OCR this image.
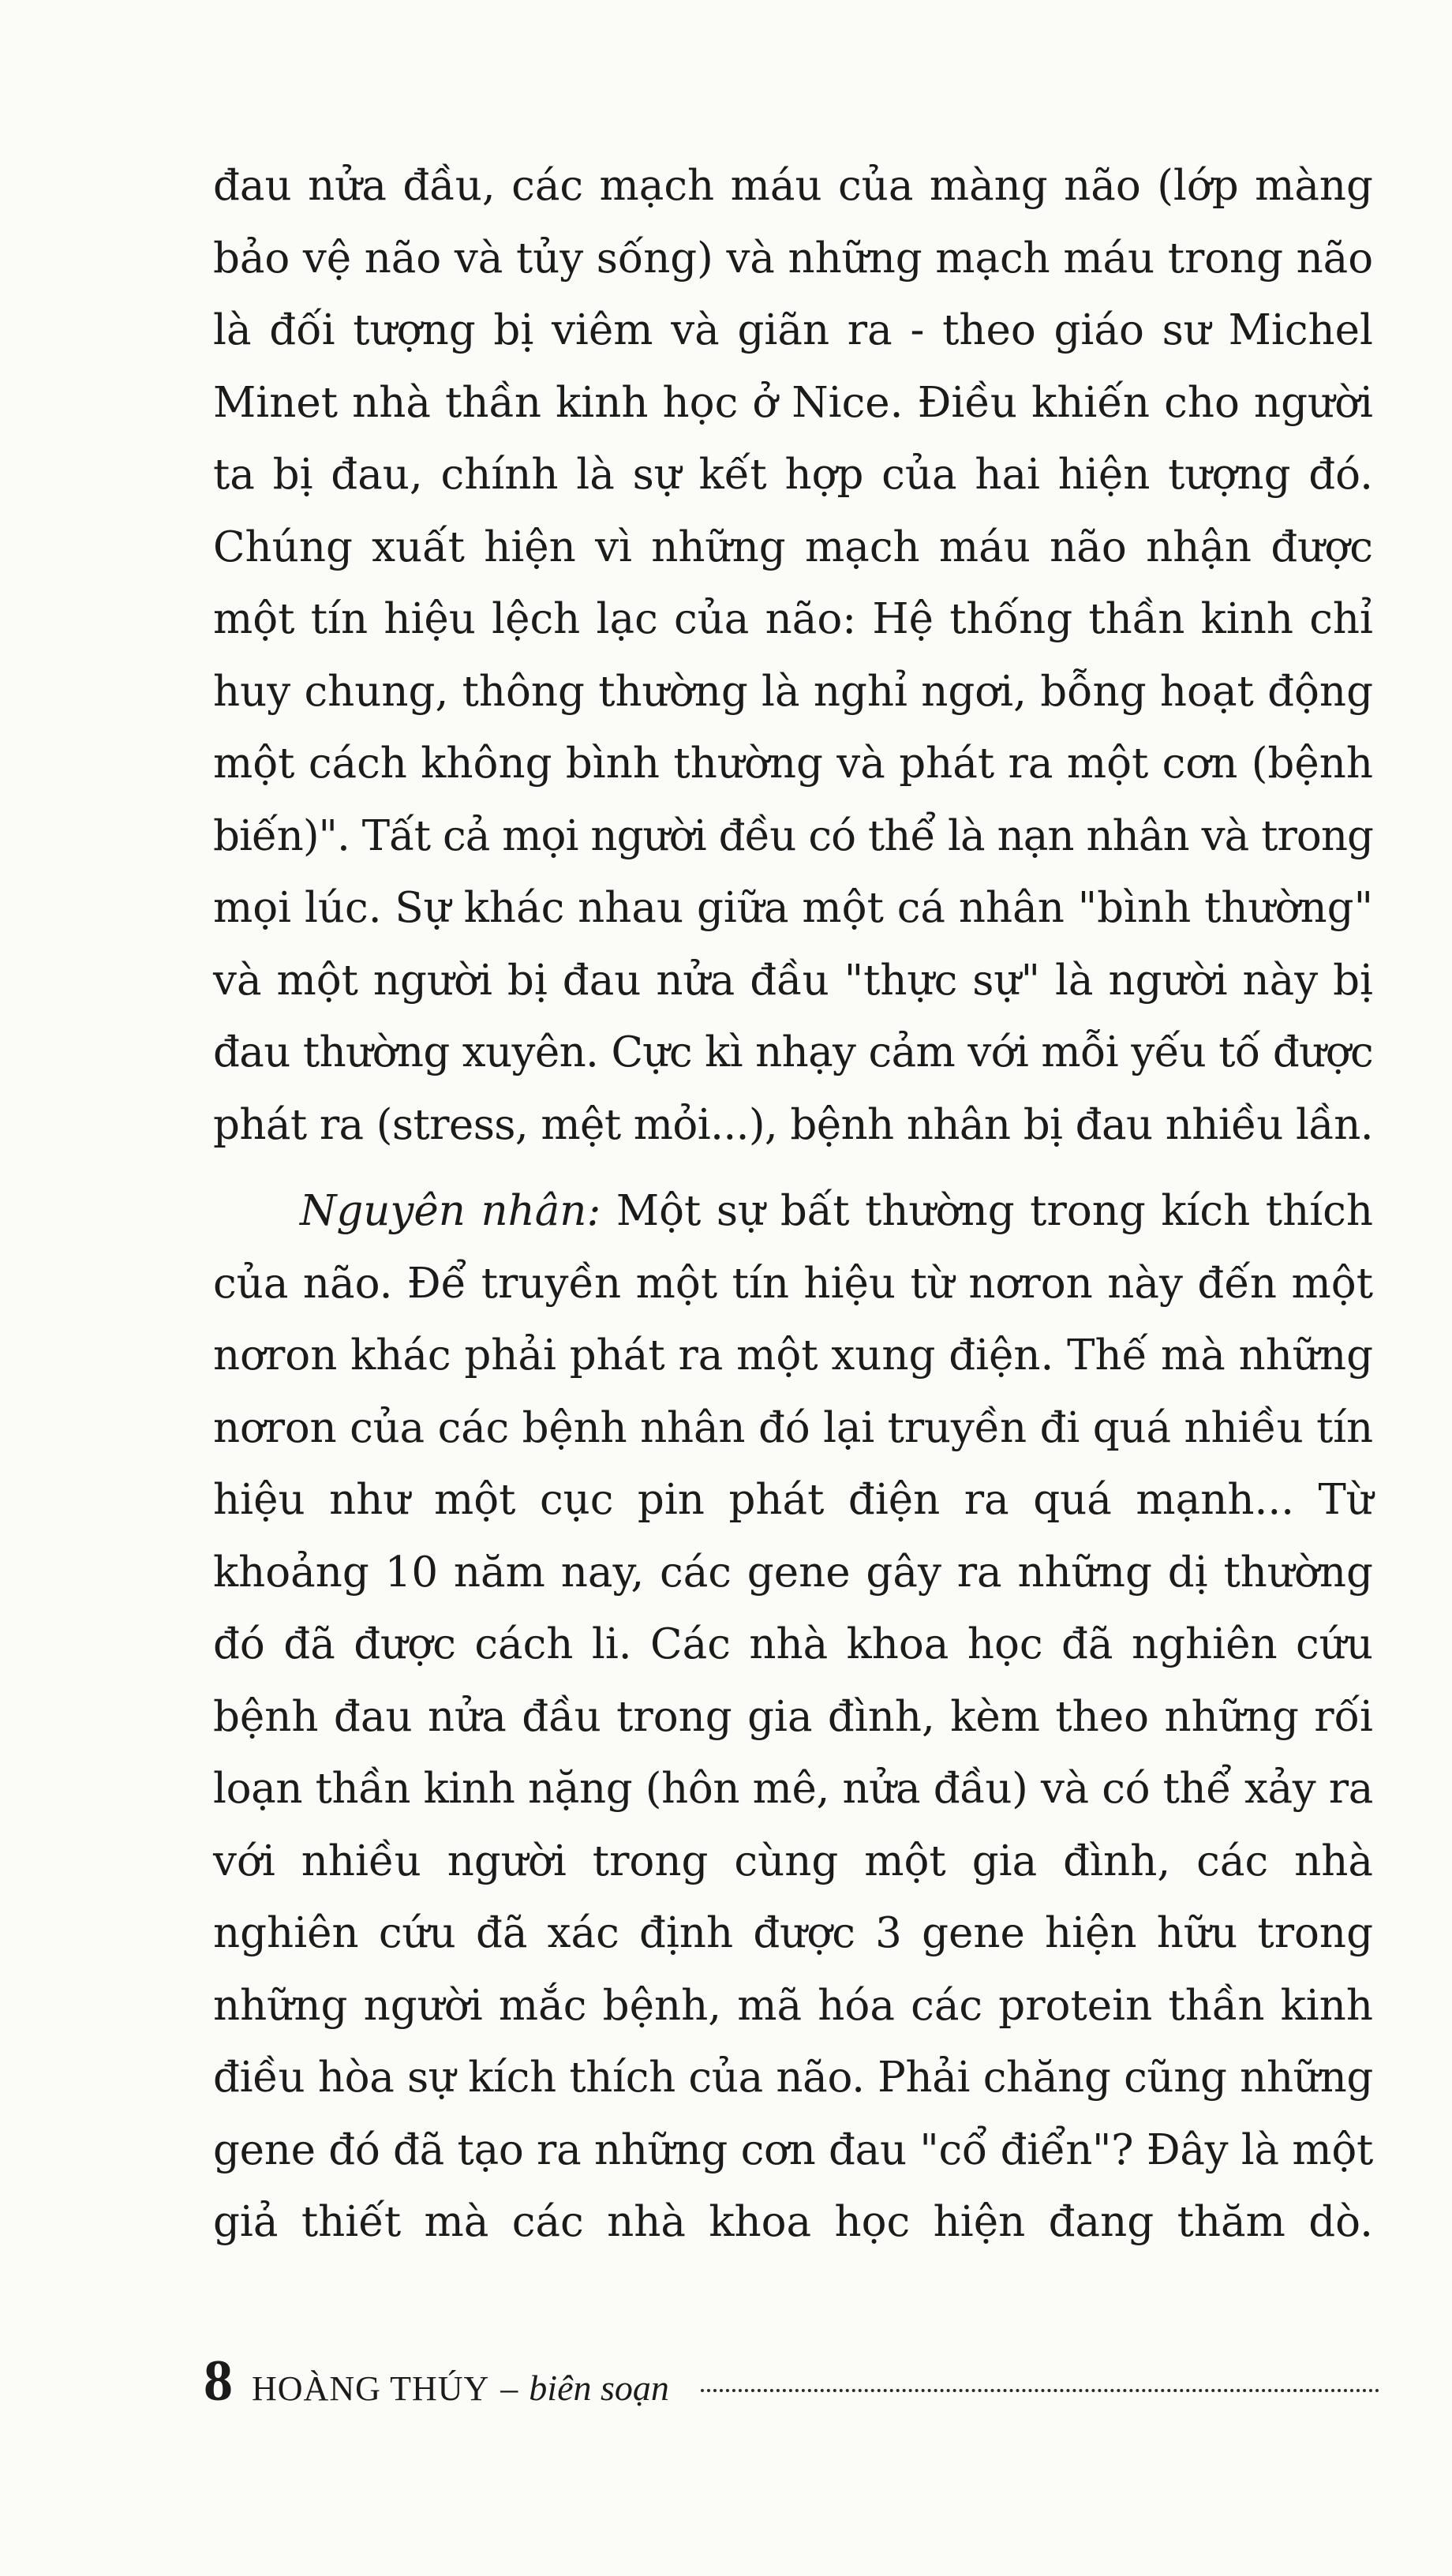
đau nửa đầu, các mạch máu của màng não (lớp màng
bảo vệ não và tủy sống) và những mạch máu trong não
là đối tượng bị viêm và giãn ra - theo giáo sư Michel
Minet nhà thần kinh học ở Nice. Điều khiến cho người
ta bị đau, chính là sự kết hợp của hai hiện tượng đó.
Chúng xuất hiện vì những mạch máu não nhận được
một tín hiệu lệch lạc của não: Hệ thống thần kinh chỉ
huy chung, thông thường là nghỉ ngơi, bỗng hoạt động
một cách không bình thường và phát ra một cơn (bệnh
biến)". Tất cả mọi người đều có thể là nạn nhân và trong
mọi lúc. Sự khác nhau giữa một cá nhân "bình thường"
và một người bị đau nửa đầu "thực sự" là người này bị
đau thường xuyên. Cực kì nhạy cảm với mỗi yếu tố được
phát ra (stress, mệt mỏi...), bệnh nhân bị đau nhiều lần.

Nguyên nhân: Một sự bất thường trong kích thích
của não. Để truyền một tín hiệu từ nơron này đến một
nơron khác phải phát ra một xung điện. Thế mà những
nơron của các bệnh nhân đó lại truyền đi quá nhiều tín
hiệu như một cục pin phát điện ra quá mạnh... Từ
khoảng 10 năm nay, các gene gây ra những dị thường
đó đã được cách li. Các nhà khoa học đã nghiên cứu
bệnh đau nửa đầu trong gia đình, kèm theo những rối
loạn thần kinh nặng (hôn mê, nửa đầu) và có thể xảy ra
với nhiều người trong cùng một gia đình, các nhà
nghiên cứu đã xác định được 3 gene hiện hữu trong
những người mắc bệnh, mã hóa các protein thần kinh
điều hòa sự kích thích của não. Phải chăng cũng những
gene đó đã tạo ra những cơn đau "cổ điển"? Đây là một
giả thiết mà các nhà khoa học hiện đang thăm dò.

8 HOÀNG THÚY – biên soạn
